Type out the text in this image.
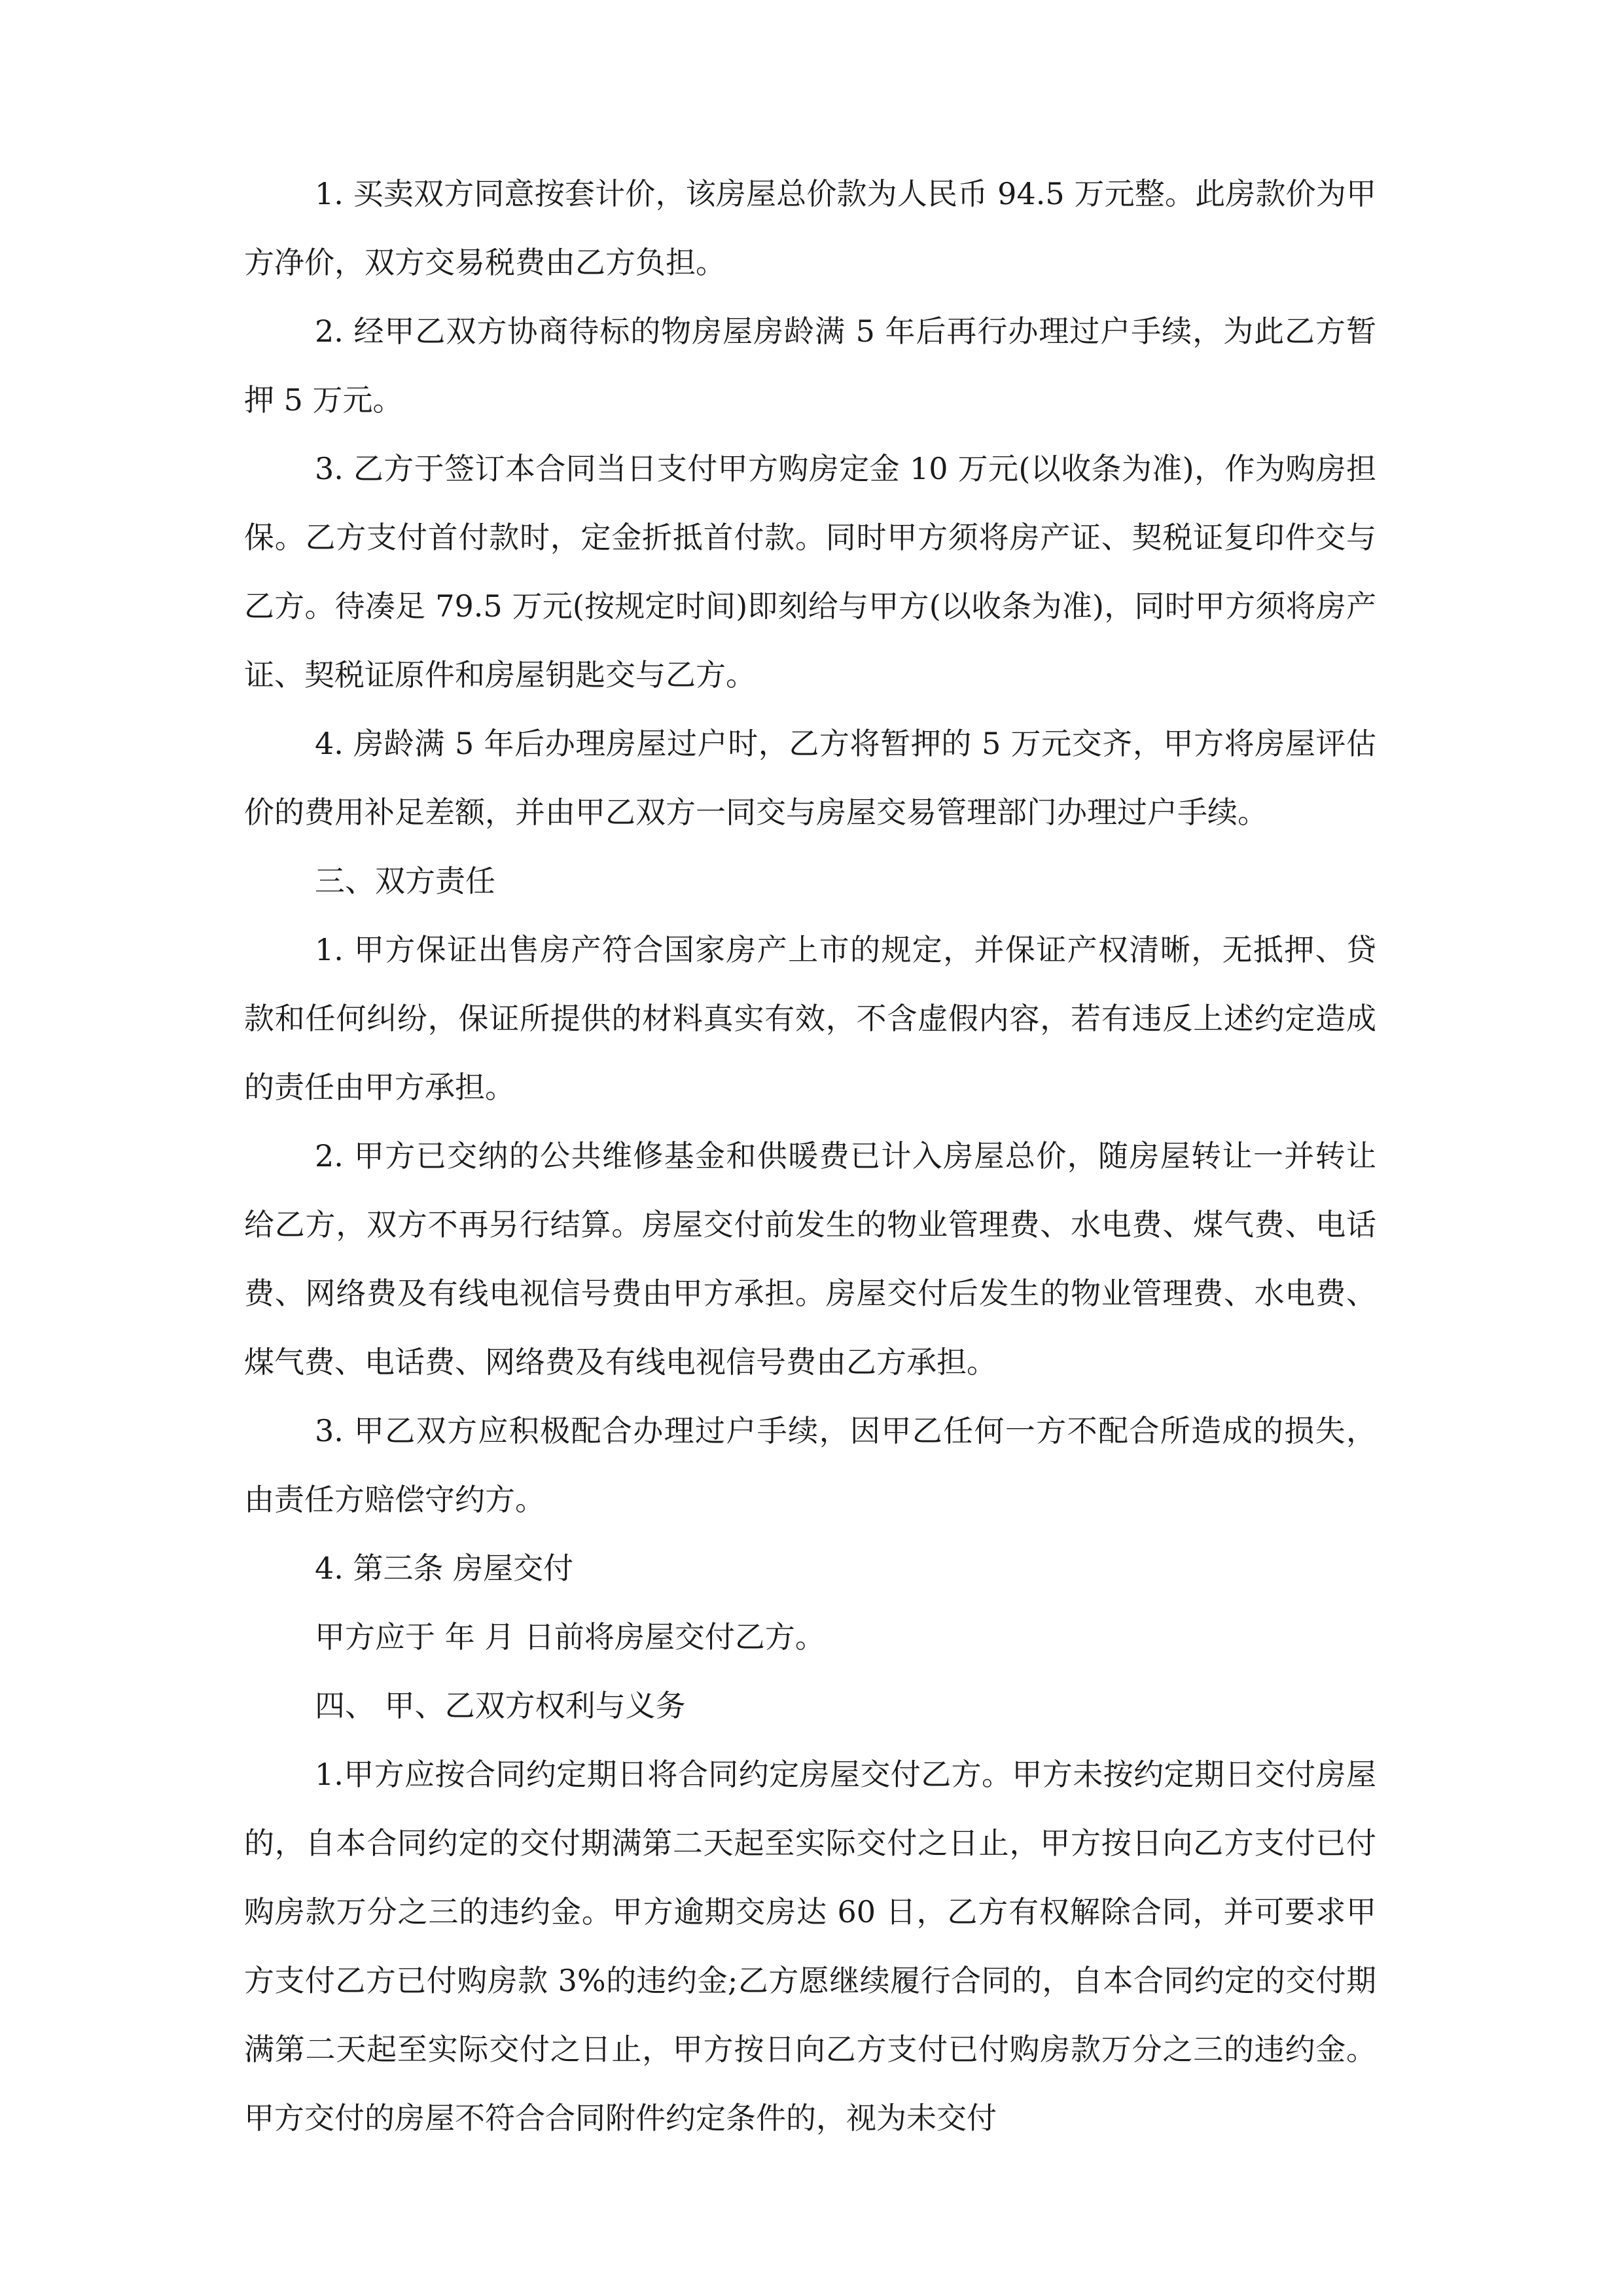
1. 买卖双方同意按套计价，该房屋总价款为人民币 94.5 万元整。此房款价为甲方净价，双方交易税费由乙方负担。

2. 经甲乙双方协商待标的物房屋房龄满 5 年后再行办理过户手续，为此乙方暂押 5 万元。

3. 乙方于签订本合同当日支付甲方购房定金 10 万元(以收条为准)，作为购房担保。乙方支付首付款时，定金折抵首付款。同时甲方须将房产证、契税证复印件交与乙方。待凑足 79.5 万元(按规定时间)即刻给与甲方(以收条为准)，同时甲方须将房产证、契税证原件和房屋钥匙交与乙方。

4. 房龄满 5 年后办理房屋过户时，乙方将暂押的 5 万元交齐，甲方将房屋评估价的费用补足差额，并由甲乙双方一同交与房屋交易管理部门办理过户手续。

三、双方责任

1. 甲方保证出售房产符合国家房产上市的规定，并保证产权清晰，无抵押、贷款和任何纠纷，保证所提供的材料真实有效，不含虚假内容，若有违反上述约定造成的责任由甲方承担。

2. 甲方已交纳的公共维修基金和供暖费已计入房屋总价，随房屋转让一并转让给乙方，双方不再另行结算。房屋交付前发生的物业管理费、水电费、煤气费、电话费、网络费及有线电视信号费由甲方承担。房屋交付后发生的物业管理费、水电费、煤气费、电话费、网络费及有线电视信号费由乙方承担。

3. 甲乙双方应积极配合办理过户手续，因甲乙任何一方不配合所造成的损失，由责任方赔偿守约方。

4. 第三条 房屋交付

甲方应于 年 月 日前将房屋交付乙方。

四、 甲、乙双方权利与义务

1.甲方应按合同约定期日将合同约定房屋交付乙方。甲方未按约定期日交付房屋的，自本合同约定的交付期满第二天起至实际交付之日止，甲方按日向乙方支付已付购房款万分之三的违约金。甲方逾期交房达 60 日，乙方有权解除合同，并可要求甲方支付乙方已付购房款 3%的违约金;乙方愿继续履行合同的，自本合同约定的交付期满第二天起至实际交付之日止，甲方按日向乙方支付已付购房款万分之三的违约金。 甲方交付的房屋不符合合同附件约定条件的，视为未交付
